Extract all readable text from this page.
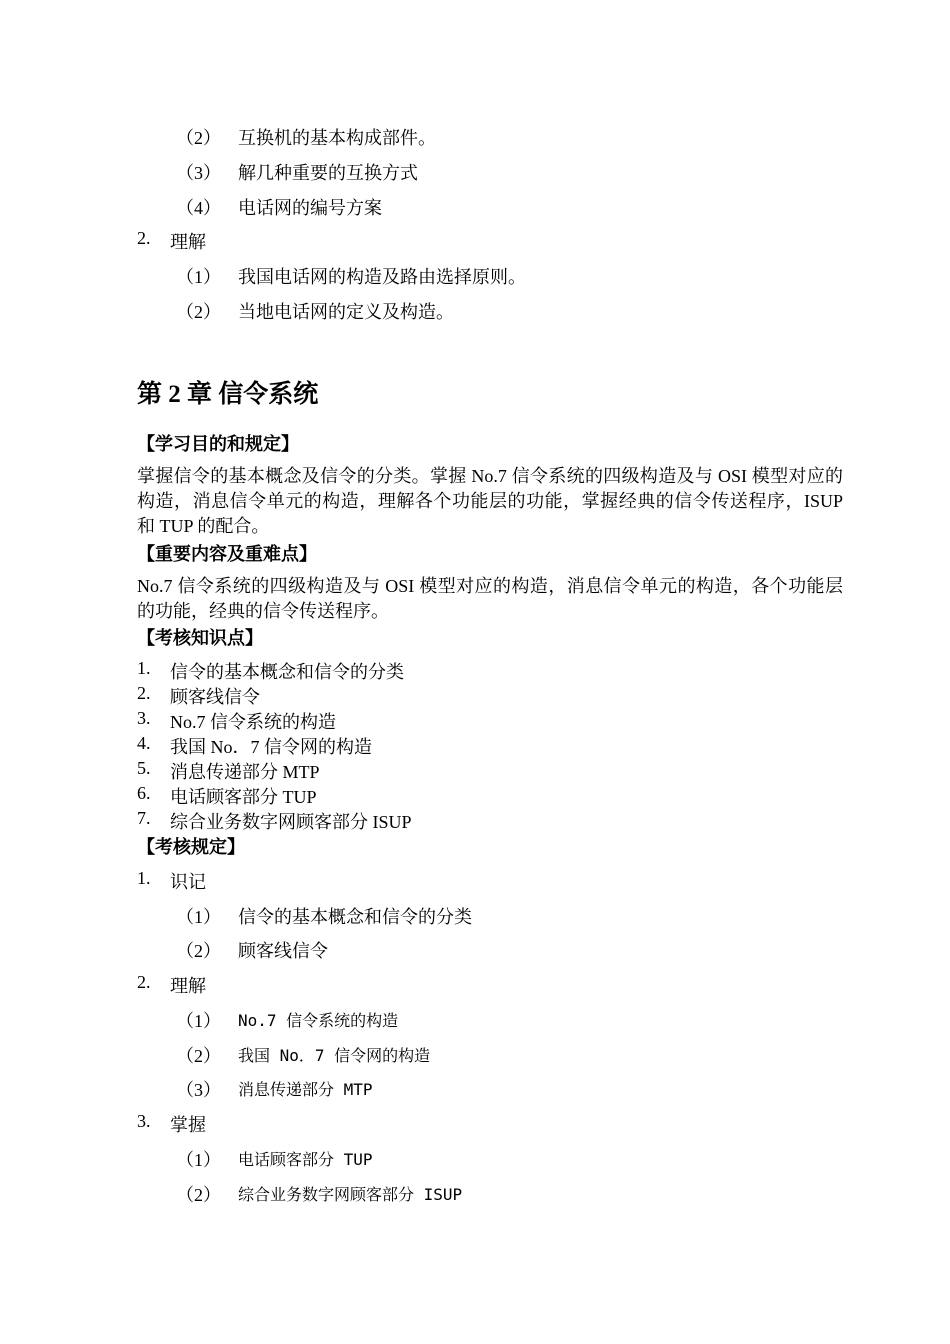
（2） 互换机的基本构成部件。
（3） 解几种重要的互换方式
（4） 电话网的编号方案
2. 理解
（1） 我国电话网的构造及路由选择原则。
（2） 当地电话网的定义及构造。
第 2 章 信令系统
【学习目的和规定】
掌握信令的基本概念及信令的分类。掌握 No.7 信令系统的四级构造及与 OSI 模型对应的构造，消息信令单元的构造，理解各个功能层的功能，掌握经典的信令传送程序，ISUP 和 TUP 的配合。
【重要内容及重难点】
No.7 信令系统的四级构造及与 OSI 模型对应的构造，消息信令单元的构造，各个功能层的功能，经典的信令传送程序。
【考核知识点】
1. 信令的基本概念和信令的分类
2. 顾客线信令
3. No.7 信令系统的构造
4. 我国 No．7 信令网的构造
5. 消息传递部分 MTP
6. 电话顾客部分 TUP
7. 综合业务数字网顾客部分 ISUP
【考核规定】
1. 识记
（1） 信令的基本概念和信令的分类
（2） 顾客线信令
2. 理解
（1） No.7 信令系统的构造
（2） 我国 No．7 信令网的构造
（3） 消息传递部分 MTP
3. 掌握
（1） 电话顾客部分 TUP
（2） 综合业务数字网顾客部分 ISUP
